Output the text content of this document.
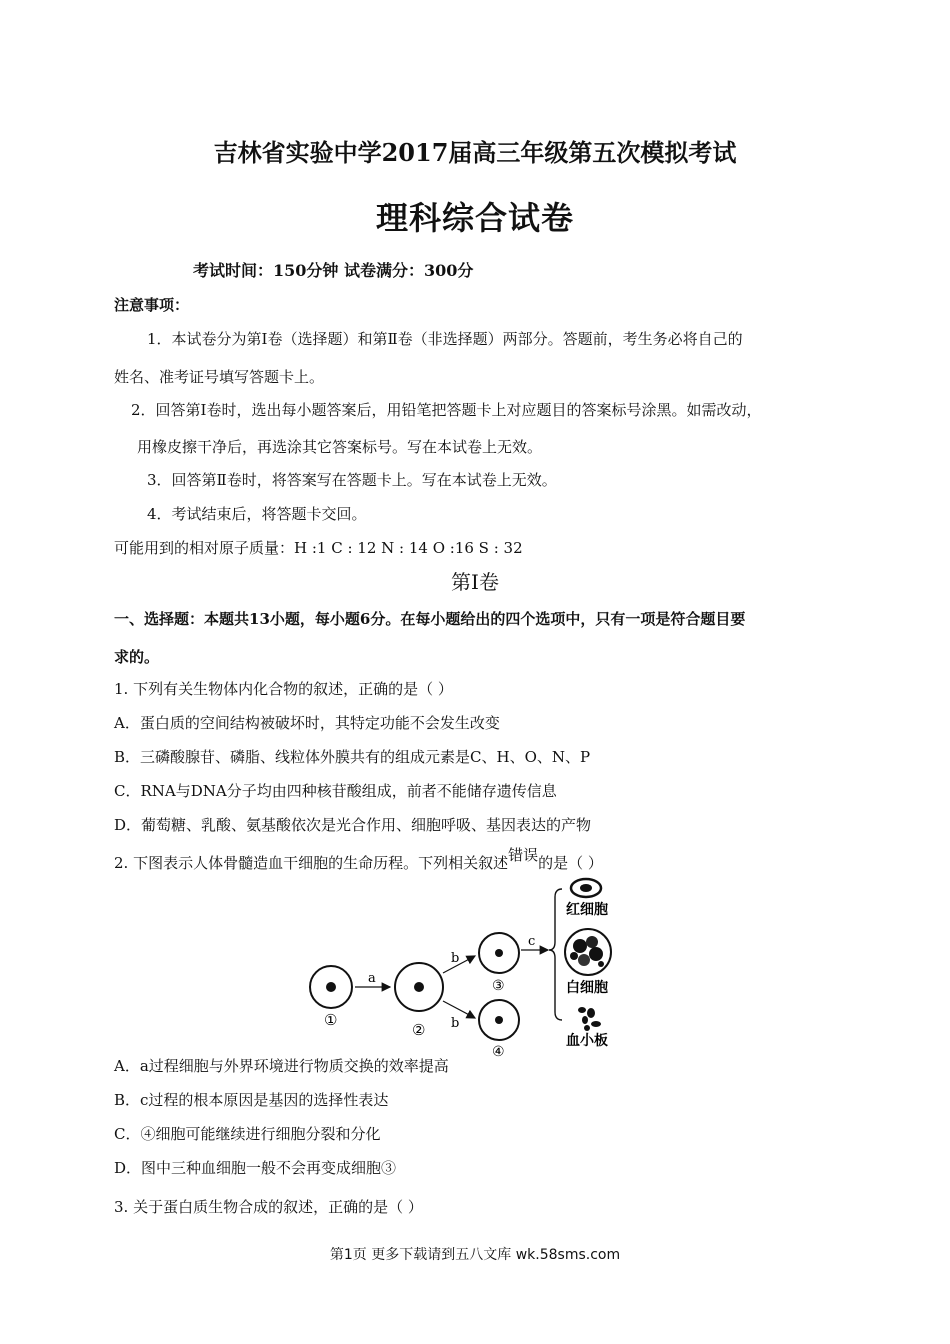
吉林省实验中学2017届高三年级第五次模拟考试
理科综合试卷
考试时间：150分钟 试卷满分：300分
注意事项：
1．本试卷分为第Ⅰ卷（选择题）和第Ⅱ卷（非选择题）两部分。答题前，考生务必将自己的
姓名、准考证号填写答题卡上。
2．回答第Ⅰ卷时，选出每小题答案后，用铅笔把答题卡上对应题目的答案标号涂黑。如需改动，
用橡皮擦干净后，再选涂其它答案标号。写在本试卷上无效。
3．回答第Ⅱ卷时，将答案写在答题卡上。写在本试卷上无效。
4．考试结束后，将答题卡交回。
可能用到的相对原子质量：H :1 C : 12 N : 14 O :16 S : 32
第Ⅰ卷
一、选择题：本题共13小题，每小题6分。在每小题给出的四个选项中，只有一项是符合题目要
求的。
1. 下列有关生物体内化合物的叙述，正确的是（ ）
A．蛋白质的空间结构被破坏时，其特定功能不会发生改变
B．三磷酸腺苷、磷脂、线粒体外膜共有的组成元素是C、H、O、N、P
C．RNA与DNA分子均由四种核苷酸组成，前者不能储存遗传信息
D．葡萄糖、乳酸、氨基酸依次是光合作用、细胞呼吸、基因表达的产物
2. 下图表示人体骨髓造血干细胞的生命历程。下列相关叙述错误的是（ ）
①
a
②
b
b
③
④
c
红细胞
白细胞
血小板
A．a过程细胞与外界环境进行物质交换的效率提高
B．c过程的根本原因是基因的选择性表达
C．④细胞可能继续进行细胞分裂和分化
D．图中三种血细胞一般不会再变成细胞③
3. 关于蛋白质生物合成的叙述，正确的是（ ）
第1页 更多下载请到五八文库 wk.58sms.com
